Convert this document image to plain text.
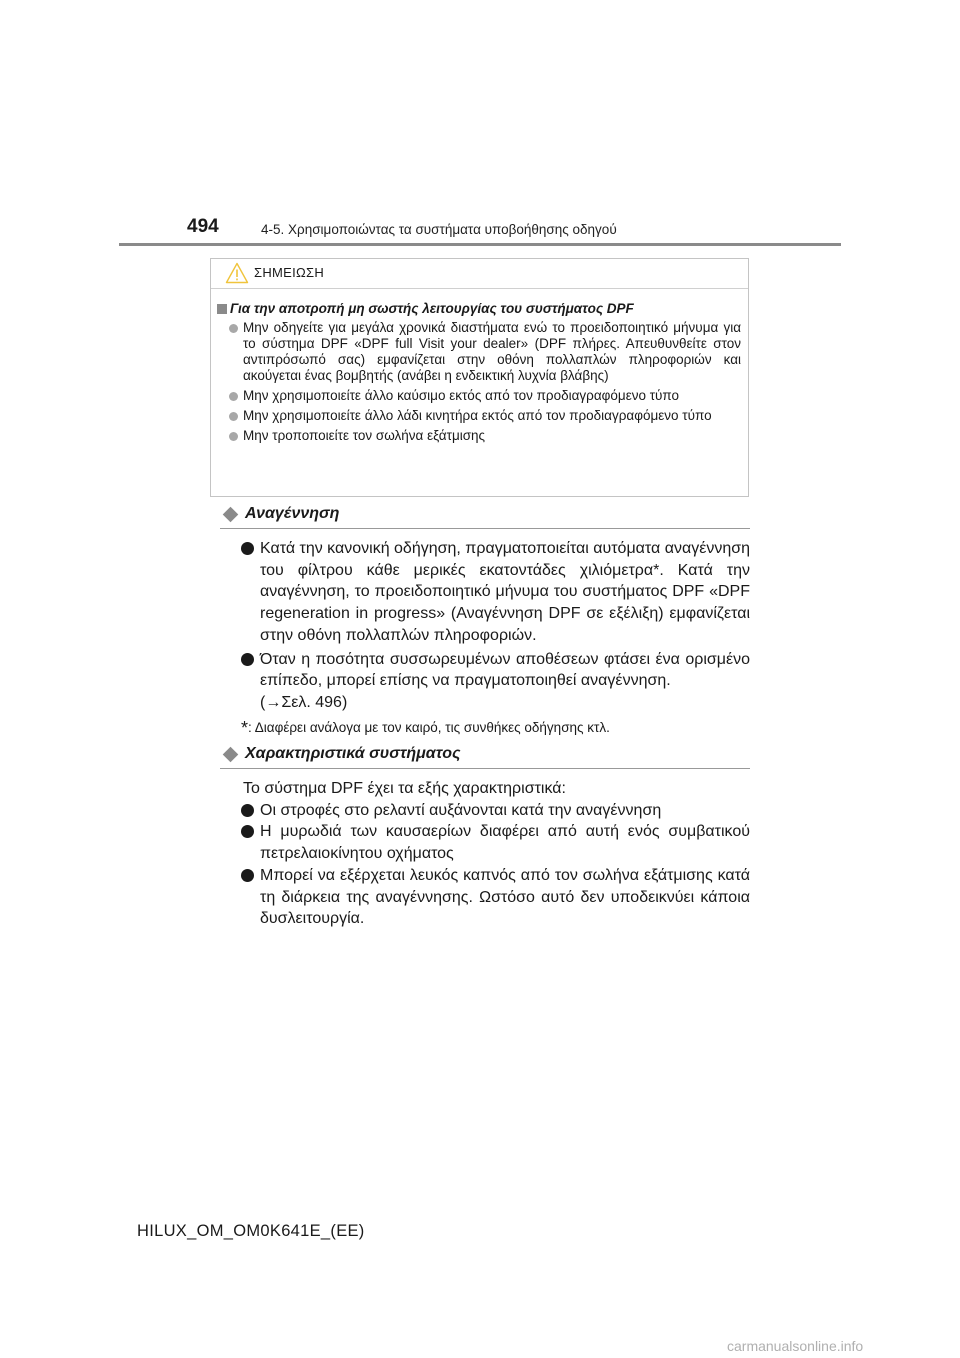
494	4-5. Χρησιμοποιώντας τα συστήματα υποβοήθησης οδηγού
ΣΗΜΕΙΩΣΗ
Για την αποτροπή μη σωστής λειτουργίας του συστήματος DPF
Μην οδηγείτε για μεγάλα χρονικά διαστήματα ενώ το προειδοποιητικό μήνυμα για το σύστημα DPF «DPF full Visit your dealer» (DPF πλήρες. Απευθυνθείτε στον αντιπρόσωπό σας) εμφανίζεται στην οθόνη πολλαπλών πληροφοριών και ακούγεται ένας βομβητής (ανάβει η ενδεικτική λυχνία βλάβης)
Μην χρησιμοποιείτε άλλο καύσιμο εκτός από τον προδιαγραφόμενο τύπο
Μην χρησιμοποιείτε άλλο λάδι κινητήρα εκτός από τον προδιαγραφόμενο τύπο
Μην τροποποιείτε τον σωλήνα εξάτμισης
Αναγέννηση
Κατά την κανονική οδήγηση, πραγματοποιείται αυτόματα αναγέννηση του φίλτρου κάθε μερικές εκατοντάδες χιλιόμετρα*. Κατά την αναγέννηση, το προειδοποιητικό μήνυμα του συστήματος DPF «DPF regeneration in progress» (Αναγέννηση DPF σε εξέλιξη) εμφανίζεται στην οθόνη πολλαπλών πληροφοριών.
Όταν η ποσότητα συσσωρευμένων αποθέσεων φτάσει ένα ορισμένο επίπεδο, μπορεί επίσης να πραγματοποιηθεί αναγέννηση.
(→Σελ. 496)
*: Διαφέρει ανάλογα με τον καιρό, τις συνθήκες οδήγησης κτλ.
Χαρακτηριστικά συστήματος
Το σύστημα DPF έχει τα εξής χαρακτηριστικά:
Οι στροφές στο ρελαντί αυξάνονται κατά την αναγέννηση
Η μυρωδιά των καυσαερίων διαφέρει από αυτή ενός συμβατικού πετρελαιοκίνητου οχήματος
Μπορεί να εξέρχεται λευκός καπνός από τον σωλήνα εξάτμισης κατά τη διάρκεια της αναγέννησης. Ωστόσο αυτό δεν υποδεικνύει κάποια δυσλειτουργία.
HILUX_OM_OM0K641E_(EE)
carmanualsonline.info
